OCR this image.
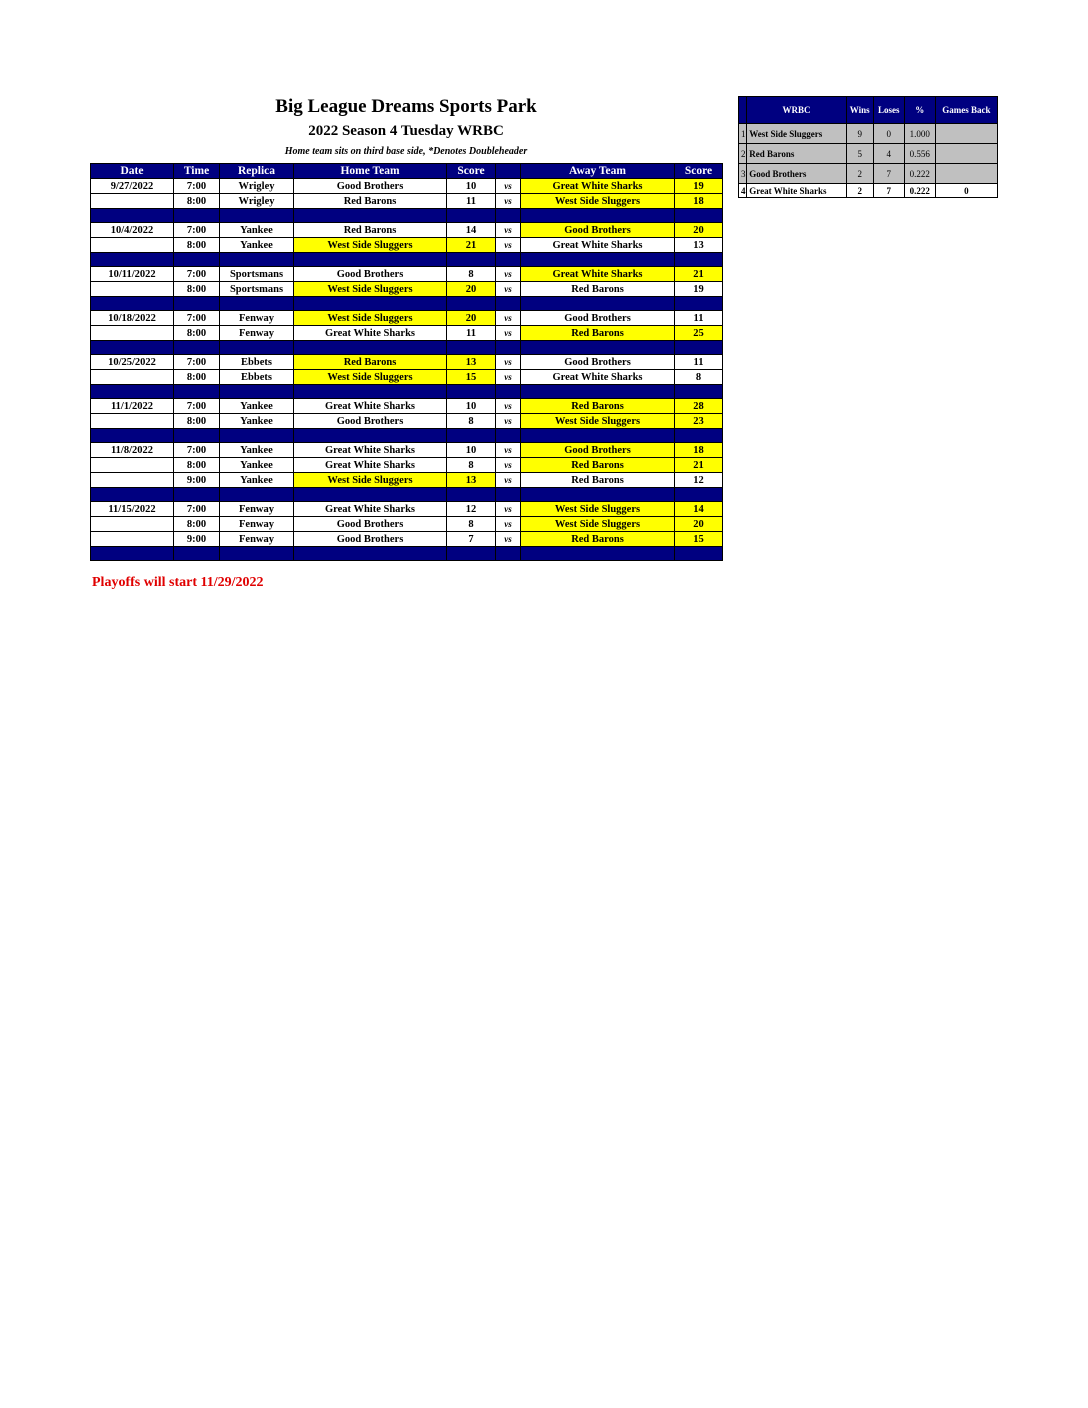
Big League Dreams Sports Park
2022 Season 4 Tuesday WRBC
Home team sits on third base side, *Denotes Doubleheader
Date	Time	Replica	Home Team	Score		Away Team	Score
9/27/2022	7:00	Wrigley	Good Brothers	10	vs	Great White Sharks	19
	8:00	Wrigley	Red Barons	11	vs	West Side Sluggers	18

10/4/2022	7:00	Yankee	Red Barons	14	vs	Good Brothers	20
	8:00	Yankee	West Side Sluggers	21	vs	Great White Sharks	13

10/11/2022	7:00	Sportsmans	Good Brothers	8	vs	Great White Sharks	21
	8:00	Sportsmans	West Side Sluggers	20	vs	Red Barons	19

10/18/2022	7:00	Fenway	West Side Sluggers	20	vs	Good Brothers	11
	8:00	Fenway	Great White Sharks	11	vs	Red Barons	25

10/25/2022	7:00	Ebbets	Red Barons	13	vs	Good Brothers	11
	8:00	Ebbets	West Side Sluggers	15	vs	Great White Sharks	8

11/1/2022	7:00	Yankee	Great White Sharks	10	vs	Red Barons	28
	8:00	Yankee	Good Brothers	8	vs	West Side Sluggers	23

11/8/2022	7:00	Yankee	Great White Sharks	10	vs	Good Brothers	18
	8:00	Yankee	Great White Sharks	8	vs	Red Barons	21
	9:00	Yankee	West Side Sluggers	13	vs	Red Barons	12

11/15/2022	7:00	Fenway	Great White Sharks	12	vs	West Side Sluggers	14
	8:00	Fenway	Good Brothers	8	vs	West Side Sluggers	20
	9:00	Fenway	Good Brothers	7	vs	Red Barons	15

	WRBC	Wins	Loses	%	Games Back
1	West Side Sluggers	9	0	1.000	
2	Red Barons	5	4	0.556	
3	Good Brothers	2	7	0.222	
4	Great White Sharks	2	7	0.222	0
Playoffs will start 11/29/2022
